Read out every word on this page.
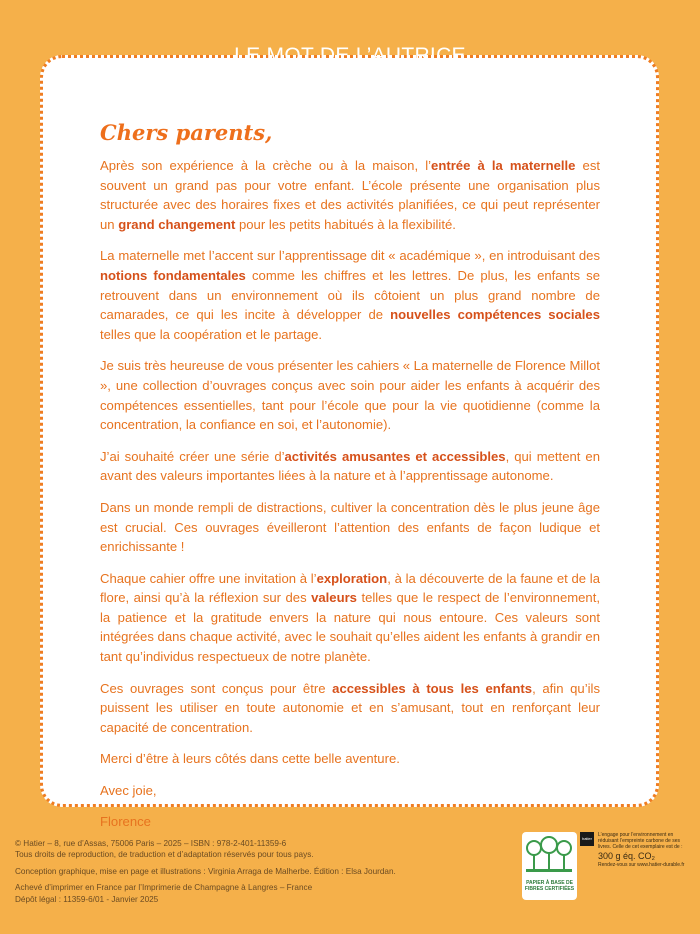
LE MOT DE L’AUTRICE
Chers parents,

Après son expérience à la crèche ou à la maison, l’entrée à la maternelle est souvent un grand pas pour votre enfant. L’école présente une organisation plus structurée avec des horaires fixes et des activités planifiées, ce qui peut représenter un grand changement pour les petits habitués à la flexibilité.

La maternelle met l’accent sur l’apprentissage dit « académique », en introduisant des notions fondamentales comme les chiffres et les lettres. De plus, les enfants se retrouvent dans un environnement où ils côtoient un plus grand nombre de camarades, ce qui les incite à développer de nouvelles compétences sociales telles que la coopération et le partage.

Je suis très heureuse de vous présenter les cahiers « La maternelle de Florence Millot », une collection d’ouvrages conçus avec soin pour aider les enfants à acquérir des compétences essentielles, tant pour l’école que pour la vie quotidienne (comme la concentration, la confiance en soi, et l’autonomie).

J’ai souhaité créer une série d’activités amusantes et accessibles, qui mettent en avant des valeurs importantes liées à la nature et à l’apprentissage autonome.

Dans un monde rempli de distractions, cultiver la concentration dès le plus jeune âge est crucial. Ces ouvrages éveilleront l’attention des enfants de façon ludique et enrichissante !

Chaque cahier offre une invitation à l’exploration, à la découverte de la faune et de la flore, ainsi qu’à la réflexion sur des valeurs telles que le respect de l’environnement, la patience et la gratitude envers la nature qui nous entoure. Ces valeurs sont intégrées dans chaque activité, avec le souhait qu’elles aident les enfants à grandir en tant qu’individus respectueux de notre planète.

Ces ouvrages sont conçus pour être accessibles à tous les enfants, afin qu’ils puissent les utiliser en toute autonomie et en s’amusant, tout en renforçant leur capacité de concentration.

Merci d’être à leurs côtés dans cette belle aventure.

Avec joie,

Florence

© Hatier – 8, rue d’Assas, 75006 Paris – 2025 – ISBN : 978-2-401-11359-6
Tous droits de reproduction, de traduction et d’adaptation réservés pour tous pays.
Conception graphique, mise en page et illustrations : Virginia Arraga de Malherbe. Édition : Elsa Jourdan.
Achevé d’imprimer en France par l’Imprimerie de Champagne à Langres – France
Dépôt légal : 11359-6/01 - Janvier 2025
PAPIER À BASE DE FIBRES CERTIFIÉES
hatier
L’engage pour l’environnement en réduisant l’empreinte carbone de ses livres. Celle de cet exemplaire est de :
300 g éq. CO₂
Rendez-vous sur www.hatier-durable.fr
